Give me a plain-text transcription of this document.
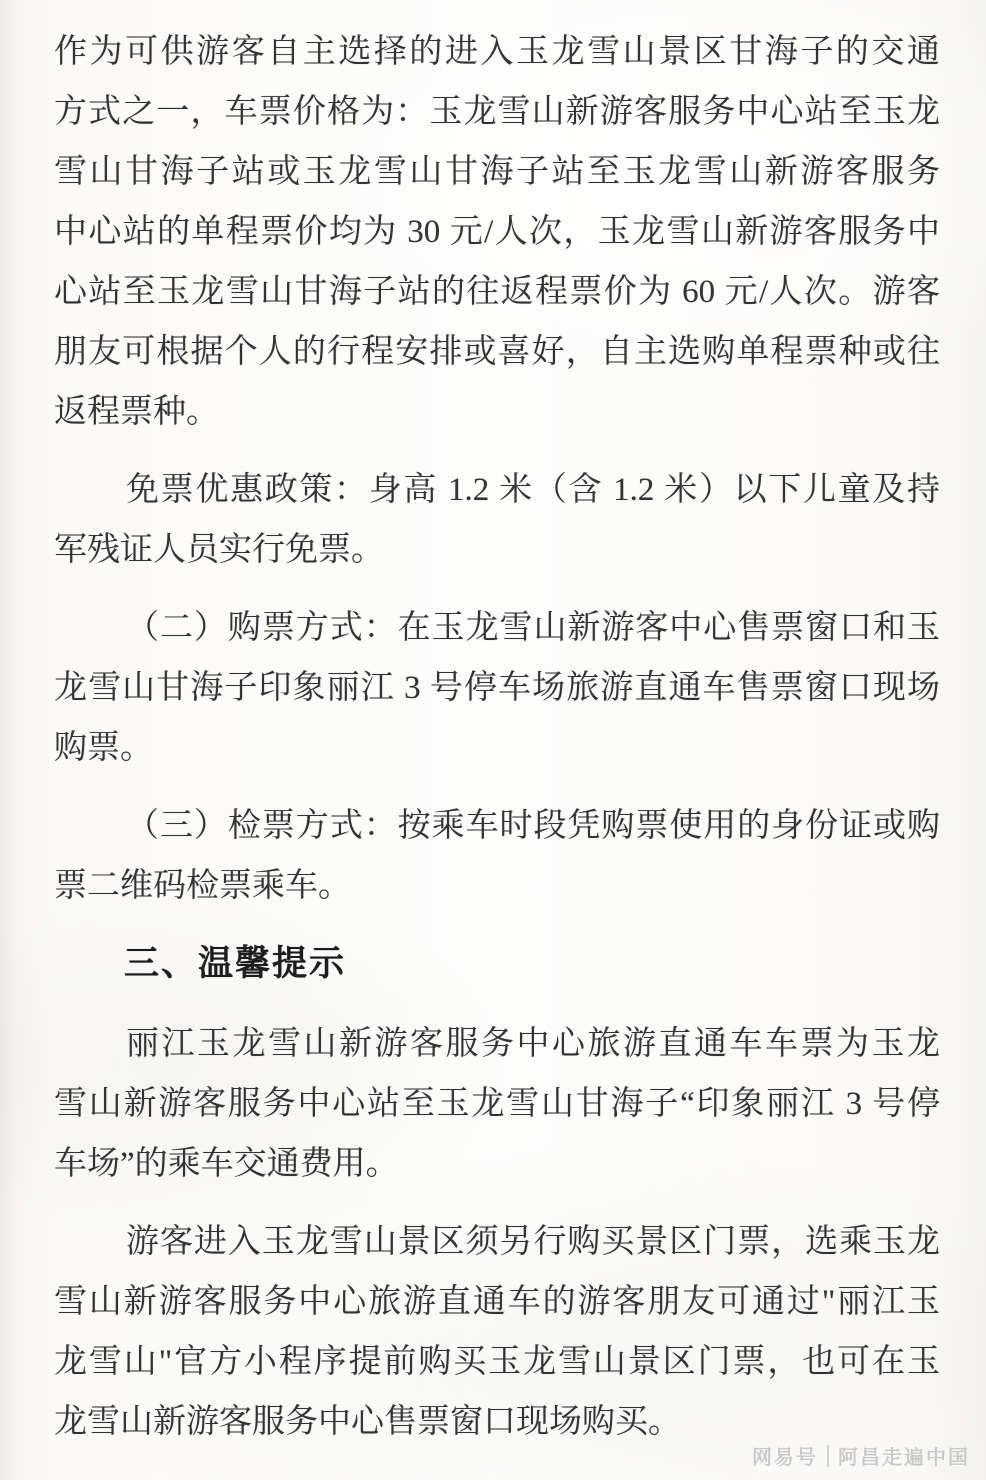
作为可供游客自主选择的进入玉龙雪山景区甘海子的交通
方式之一，车票价格为：玉龙雪山新游客服务中心站至玉龙
雪山甘海子站或玉龙雪山甘海子站至玉龙雪山新游客服务
中心站的单程票价均为 30 元/人次，玉龙雪山新游客服务中
心站至玉龙雪山甘海子站的往返程票价为 60 元/人次。游客
朋友可根据个人的行程安排或喜好，自主选购单程票种或往
返程票种。
免票优惠政策：身高 1.2 米（含 1.2 米）以下儿童及持
军残证人员实行免票。
（二）购票方式：在玉龙雪山新游客中心售票窗口和玉
龙雪山甘海子印象丽江 3 号停车场旅游直通车售票窗口现场
购票。
（三）检票方式：按乘车时段凭购票使用的身份证或购
票二维码检票乘车。
三、温馨提示
丽江玉龙雪山新游客服务中心旅游直通车车票为玉龙
雪山新游客服务中心站至玉龙雪山甘海子“印象丽江 3 号停
车场”的乘车交通费用。
游客进入玉龙雪山景区须另行购买景区门票，选乘玉龙
雪山新游客服务中心旅游直通车的游客朋友可通过"丽江玉
龙雪山"官方小程序提前购买玉龙雪山景区门票，也可在玉
龙雪山新游客服务中心售票窗口现场购买。
网易号 阿昌走遍中国
